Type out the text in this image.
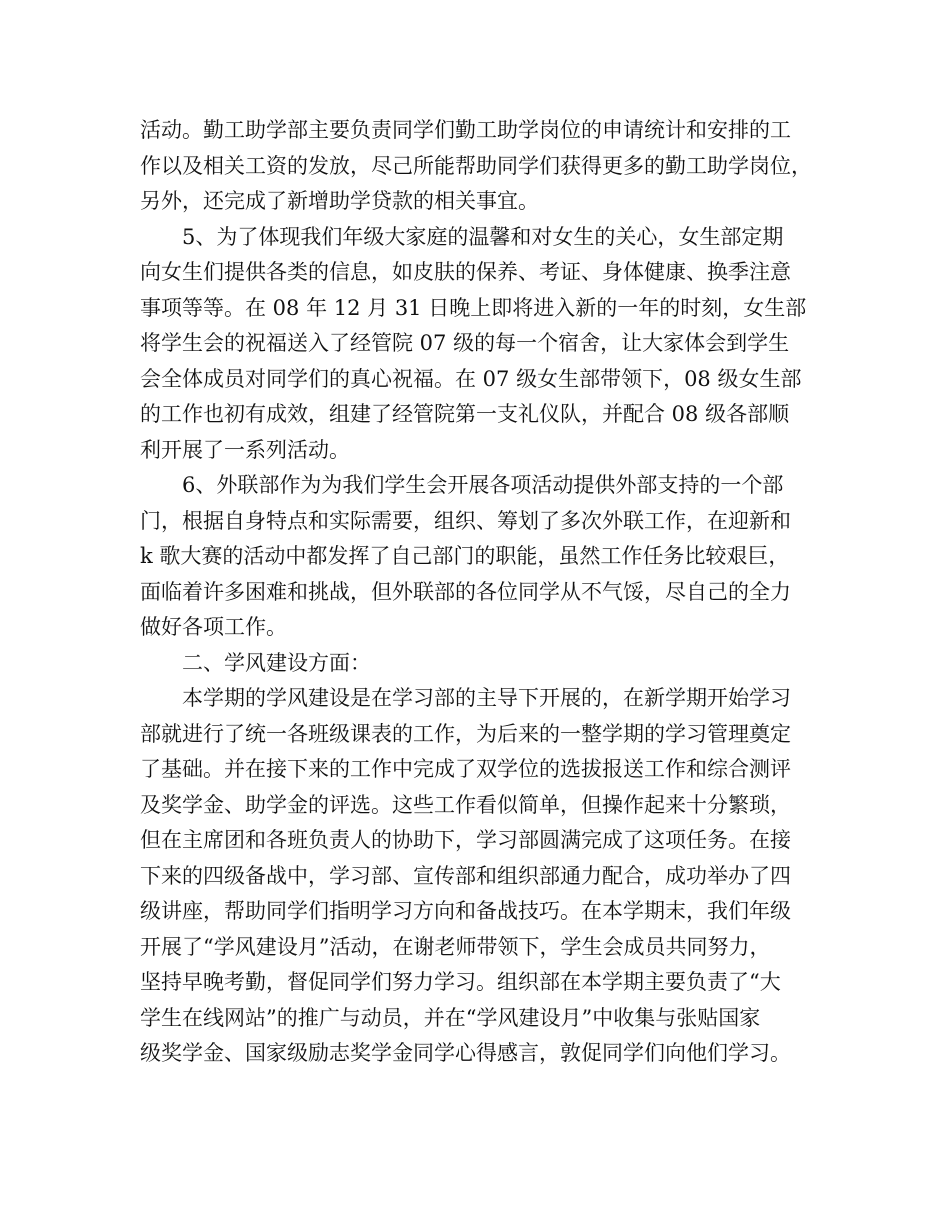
活动。勤工助学部主要负责同学们勤工助学岗位的申请统计和安排的工
作以及相关工资的发放，尽己所能帮助同学们获得更多的勤工助学岗位，
另外，还完成了新增助学贷款的相关事宜。
5、为了体现我们年级大家庭的温馨和对女生的关心，女生部定期
向女生们提供各类的信息，如皮肤的保养、考证、身体健康、换季注意
事项等等。在 08 年 12 月 31 日晚上即将进入新的一年的时刻，女生部
将学生会的祝福送入了经管院 07 级的每一个宿舍，让大家体会到学生
会全体成员对同学们的真心祝福。在 07 级女生部带领下，08 级女生部
的工作也初有成效，组建了经管院第一支礼仪队，并配合 08 级各部顺
利开展了一系列活动。
6、外联部作为为我们学生会开展各项活动提供外部支持的一个部
门，根据自身特点和实际需要，组织、筹划了多次外联工作，在迎新和
k 歌大赛的活动中都发挥了自己部门的职能，虽然工作任务比较艰巨，
面临着许多困难和挑战，但外联部的各位同学从不气馁，尽自己的全力
做好各项工作。
二、学风建设方面：
本学期的学风建设是在学习部的主导下开展的，在新学期开始学习
部就进行了统一各班级课表的工作，为后来的一整学期的学习管理奠定
了基础。并在接下来的工作中完成了双学位的选拔报送工作和综合测评
及奖学金、助学金的评选。这些工作看似简单，但操作起来十分繁琐，
但在主席团和各班负责人的协助下，学习部圆满完成了这项任务。在接
下来的四级备战中，学习部、宣传部和组织部通力配合，成功举办了四
级讲座，帮助同学们指明学习方向和备战技巧。在本学期末，我们年级
开展了“学风建设月”活动，在谢老师带领下，学生会成员共同努力，
坚持早晚考勤，督促同学们努力学习。组织部在本学期主要负责了“大
学生在线网站”的推广与动员，并在“学风建设月”中收集与张贴国家
级奖学金、国家级励志奖学金同学心得感言，敦促同学们向他们学习。
